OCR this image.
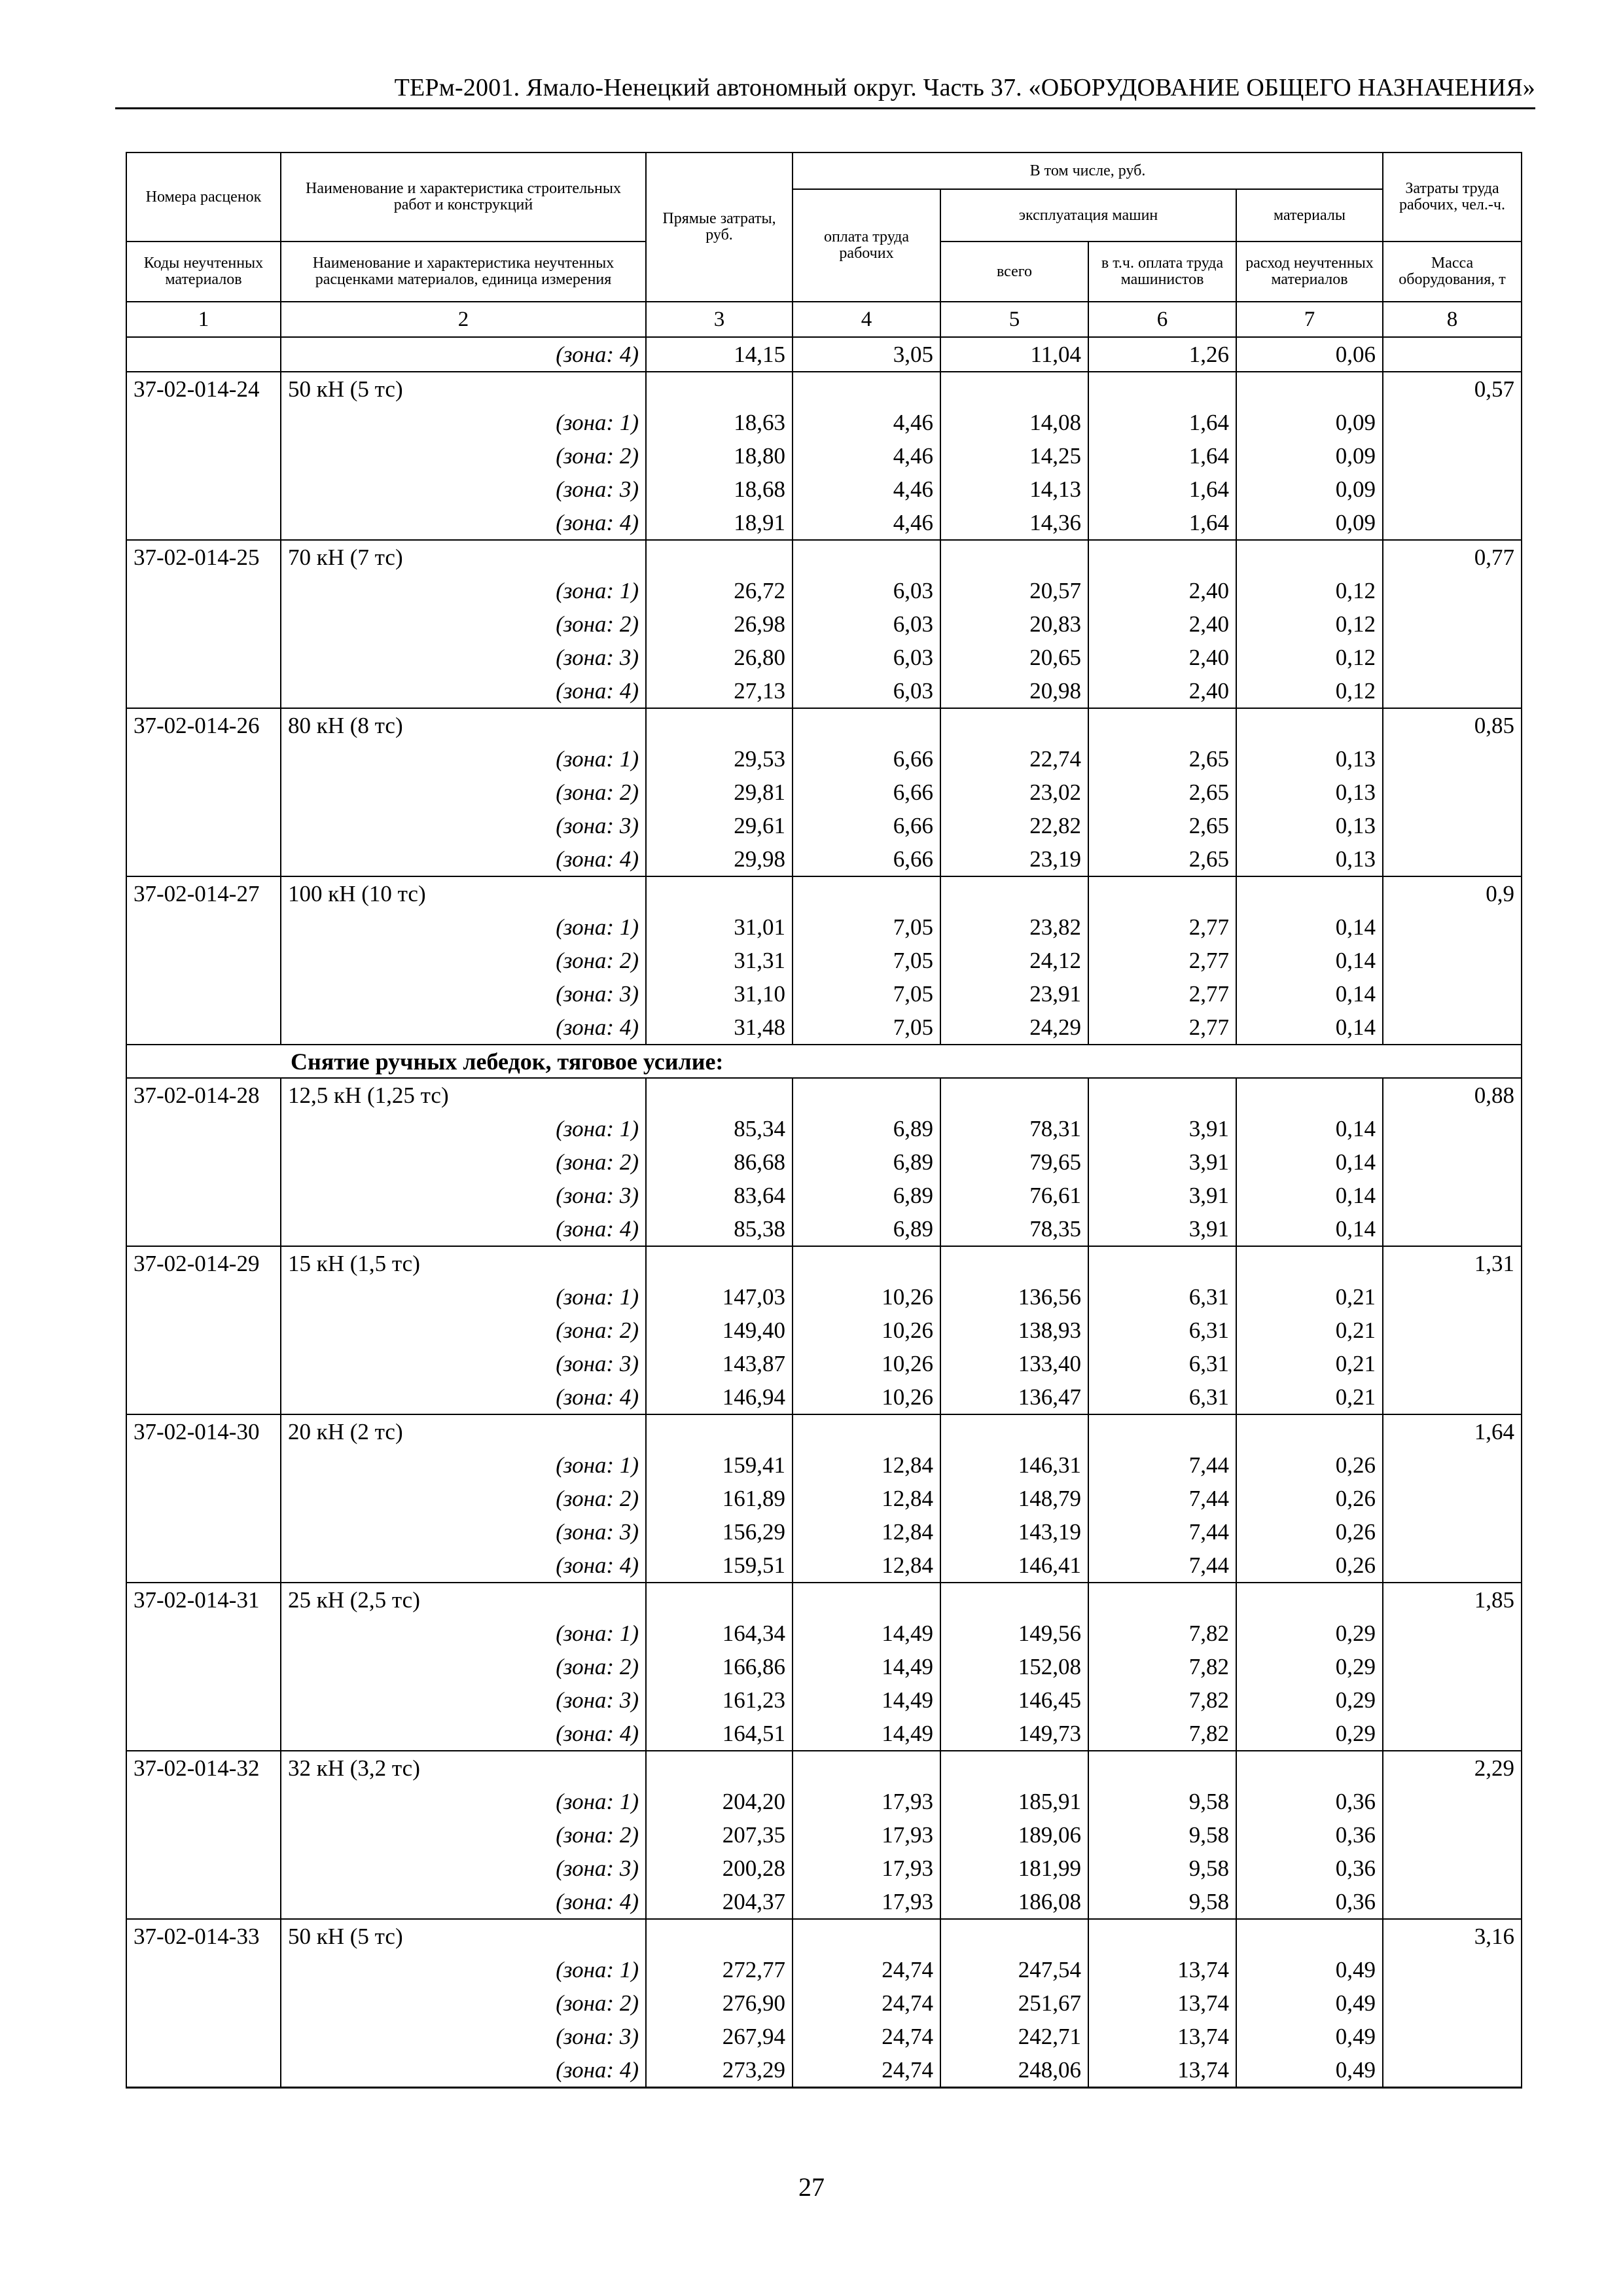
ТЕРм-2001. Ямало-Ненецкий автономный округ. Часть 37. «ОБОРУДОВАНИЕ ОБЩЕГО НАЗНАЧЕНИЯ»
Номера расценок	Наименование и характеристика строительных работ и конструкций	Прямые затраты, руб.	В том числе, руб.				Затраты труда рабочих, чел.-ч.
			оплата труда рабочих	эксплуатация машин		материалы	
Коды неучтенных материалов	Наименование и характеристика неучтенных расценками материалов, единица измерения			всего	в т.ч. оплата труда машинистов	расход неучтенных материалов	Масса оборудования, т
1	2	3	4	5	6	7	8
	(зона: 4)	14,15	3,05	11,04	1,26	0,06	
37-02-014-24	50 кН (5 тс)						0,57
	(зона: 1)	18,63	4,46	14,08	1,64	0,09	
	(зона: 2)	18,80	4,46	14,25	1,64	0,09	
	(зона: 3)	18,68	4,46	14,13	1,64	0,09	
	(зона: 4)	18,91	4,46	14,36	1,64	0,09	
37-02-014-25	70 кН (7 тс)						0,77
	(зона: 1)	26,72	6,03	20,57	2,40	0,12	
	(зона: 2)	26,98	6,03	20,83	2,40	0,12	
	(зона: 3)	26,80	6,03	20,65	2,40	0,12	
	(зона: 4)	27,13	6,03	20,98	2,40	0,12	
37-02-014-26	80 кН (8 тс)						0,85
	(зона: 1)	29,53	6,66	22,74	2,65	0,13	
	(зона: 2)	29,81	6,66	23,02	2,65	0,13	
	(зона: 3)	29,61	6,66	22,82	2,65	0,13	
	(зона: 4)	29,98	6,66	23,19	2,65	0,13	
37-02-014-27	100 кН (10 тс)						0,9
	(зона: 1)	31,01	7,05	23,82	2,77	0,14	
	(зона: 2)	31,31	7,05	24,12	2,77	0,14	
	(зона: 3)	31,10	7,05	23,91	2,77	0,14	
	(зона: 4)	31,48	7,05	24,29	2,77	0,14	
Снятие ручных лебедок, тяговое усилие:							
37-02-014-28	12,5 кН (1,25 тс)						0,88
	(зона: 1)	85,34	6,89	78,31	3,91	0,14	
	(зона: 2)	86,68	6,89	79,65	3,91	0,14	
	(зона: 3)	83,64	6,89	76,61	3,91	0,14	
	(зона: 4)	85,38	6,89	78,35	3,91	0,14	
37-02-014-29	15 кН (1,5 тс)						1,31
	(зона: 1)	147,03	10,26	136,56	6,31	0,21	
	(зона: 2)	149,40	10,26	138,93	6,31	0,21	
	(зона: 3)	143,87	10,26	133,40	6,31	0,21	
	(зона: 4)	146,94	10,26	136,47	6,31	0,21	
37-02-014-30	20 кН (2 тс)						1,64
	(зона: 1)	159,41	12,84	146,31	7,44	0,26	
	(зона: 2)	161,89	12,84	148,79	7,44	0,26	
	(зона: 3)	156,29	12,84	143,19	7,44	0,26	
	(зона: 4)	159,51	12,84	146,41	7,44	0,26	
37-02-014-31	25 кН (2,5 тс)						1,85
	(зона: 1)	164,34	14,49	149,56	7,82	0,29	
	(зона: 2)	166,86	14,49	152,08	7,82	0,29	
	(зона: 3)	161,23	14,49	146,45	7,82	0,29	
	(зона: 4)	164,51	14,49	149,73	7,82	0,29	
37-02-014-32	32 кН (3,2 тс)						2,29
	(зона: 1)	204,20	17,93	185,91	9,58	0,36	
	(зона: 2)	207,35	17,93	189,06	9,58	0,36	
	(зона: 3)	200,28	17,93	181,99	9,58	0,36	
	(зона: 4)	204,37	17,93	186,08	9,58	0,36	
37-02-014-33	50 кН (5 тс)						3,16
	(зона: 1)	272,77	24,74	247,54	13,74	0,49	
	(зона: 2)	276,90	24,74	251,67	13,74	0,49	
	(зона: 3)	267,94	24,74	242,71	13,74	0,49	
	(зона: 4)	273,29	24,74	248,06	13,74	0,49	
27
